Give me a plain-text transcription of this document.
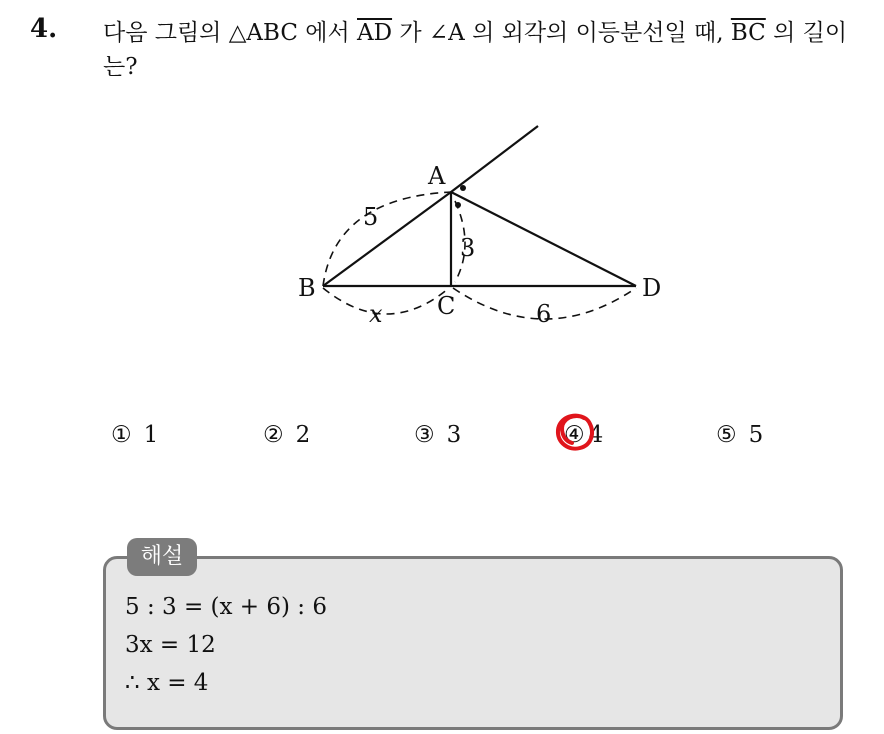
4. 다음 그림의 △ABC 에서 $\overline{AD}$ 가 ∠A 의 외각의 이등분선일 때, $\overline{BC}$ 의 길이는?
A
B
C
D
5
3
x	6
① 1	② 2	③ 3	④ 4	⑤ 5
해설
5 : 3 = (x + 6) : 6
3x = 12
∴ x = 4
